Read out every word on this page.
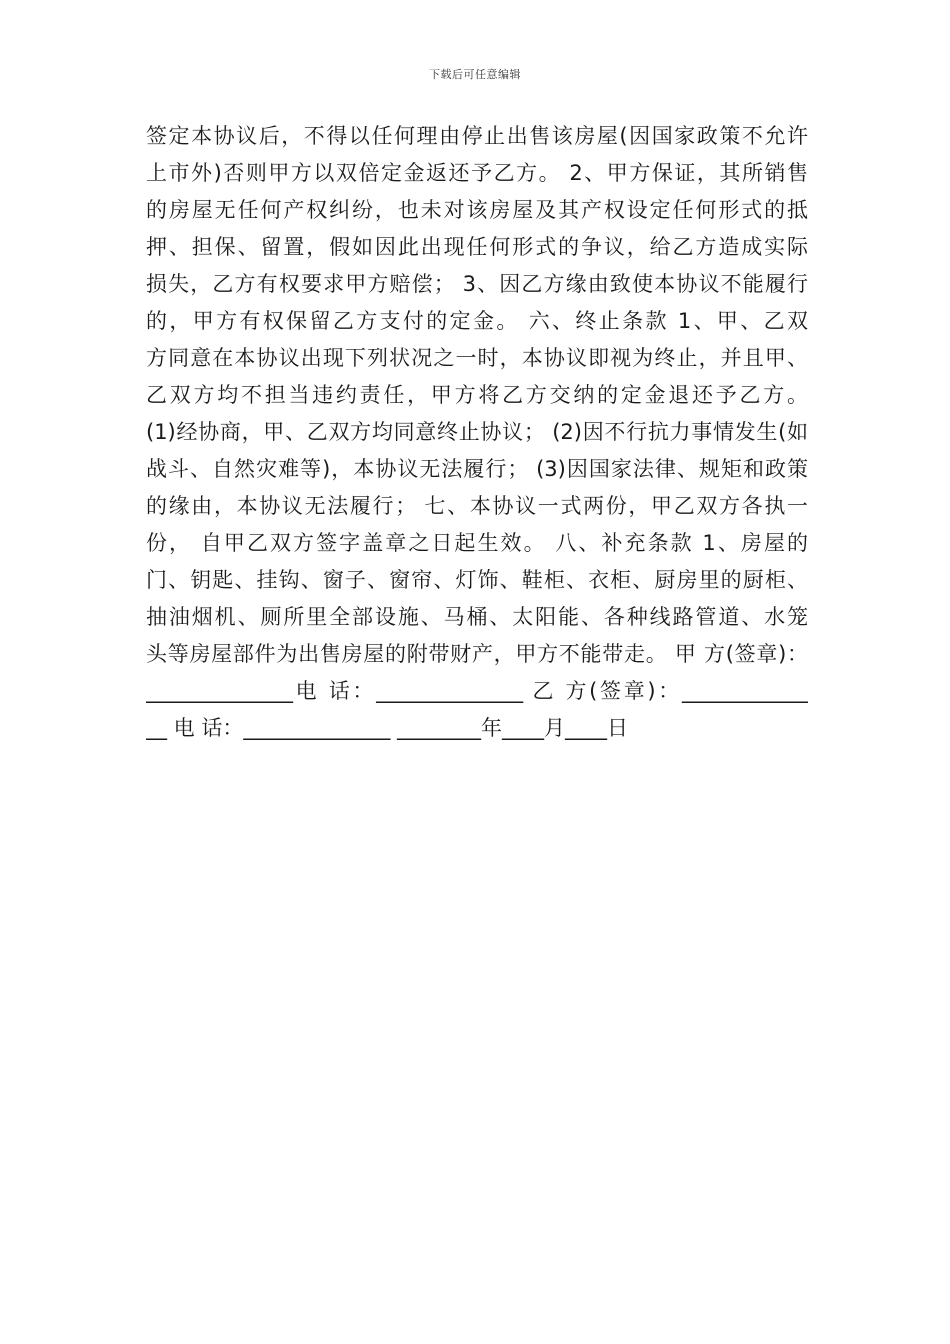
下载后可任意编辑
签定本协议后，不得以任何理由停止出售该房屋(因国家政策不允许
上市外)否则甲方以双倍定金返还予乙方。 2、甲方保证，其所销售
的房屋无任何产权纠纷，也未对该房屋及其产权设定任何形式的抵
押、担保、留置，假如因此出现任何形式的争议，给乙方造成实际
损失，乙方有权要求甲方赔偿； 3、因乙方缘由致使本协议不能履行
的，甲方有权保留乙方支付的定金。 六、终止条款 1、甲、乙双
方同意在本协议出现下列状况之一时，本协议即视为终止，并且甲、
乙双方均不担当违约责任，甲方将乙方交纳的定金退还予乙方。
(1)经协商，甲、乙双方均同意终止协议； (2)因不行抗力事情发生(如
战斗、自然灾难等)，本协议无法履行； (3)因国家法律、规矩和政策
的缘由，本协议无法履行； 七、本协议一式两份，甲乙双方各执一
份， 自甲乙双方签字盖章之日起生效。 八、补充条款 1、房屋的
门、钥匙、挂钩、窗子、窗帘、灯饰、鞋柜、衣柜、厨房里的厨柜、
抽油烟机、厕所里全部设施、马桶、太阳能、各种线路管道、水笼
头等房屋部件为出售房屋的附带财产，甲方不能带走。 甲 方(签章)：
______________电 话：______________ 乙 方(签章)：____________
__ 电 话：______________ ________年____月____日
